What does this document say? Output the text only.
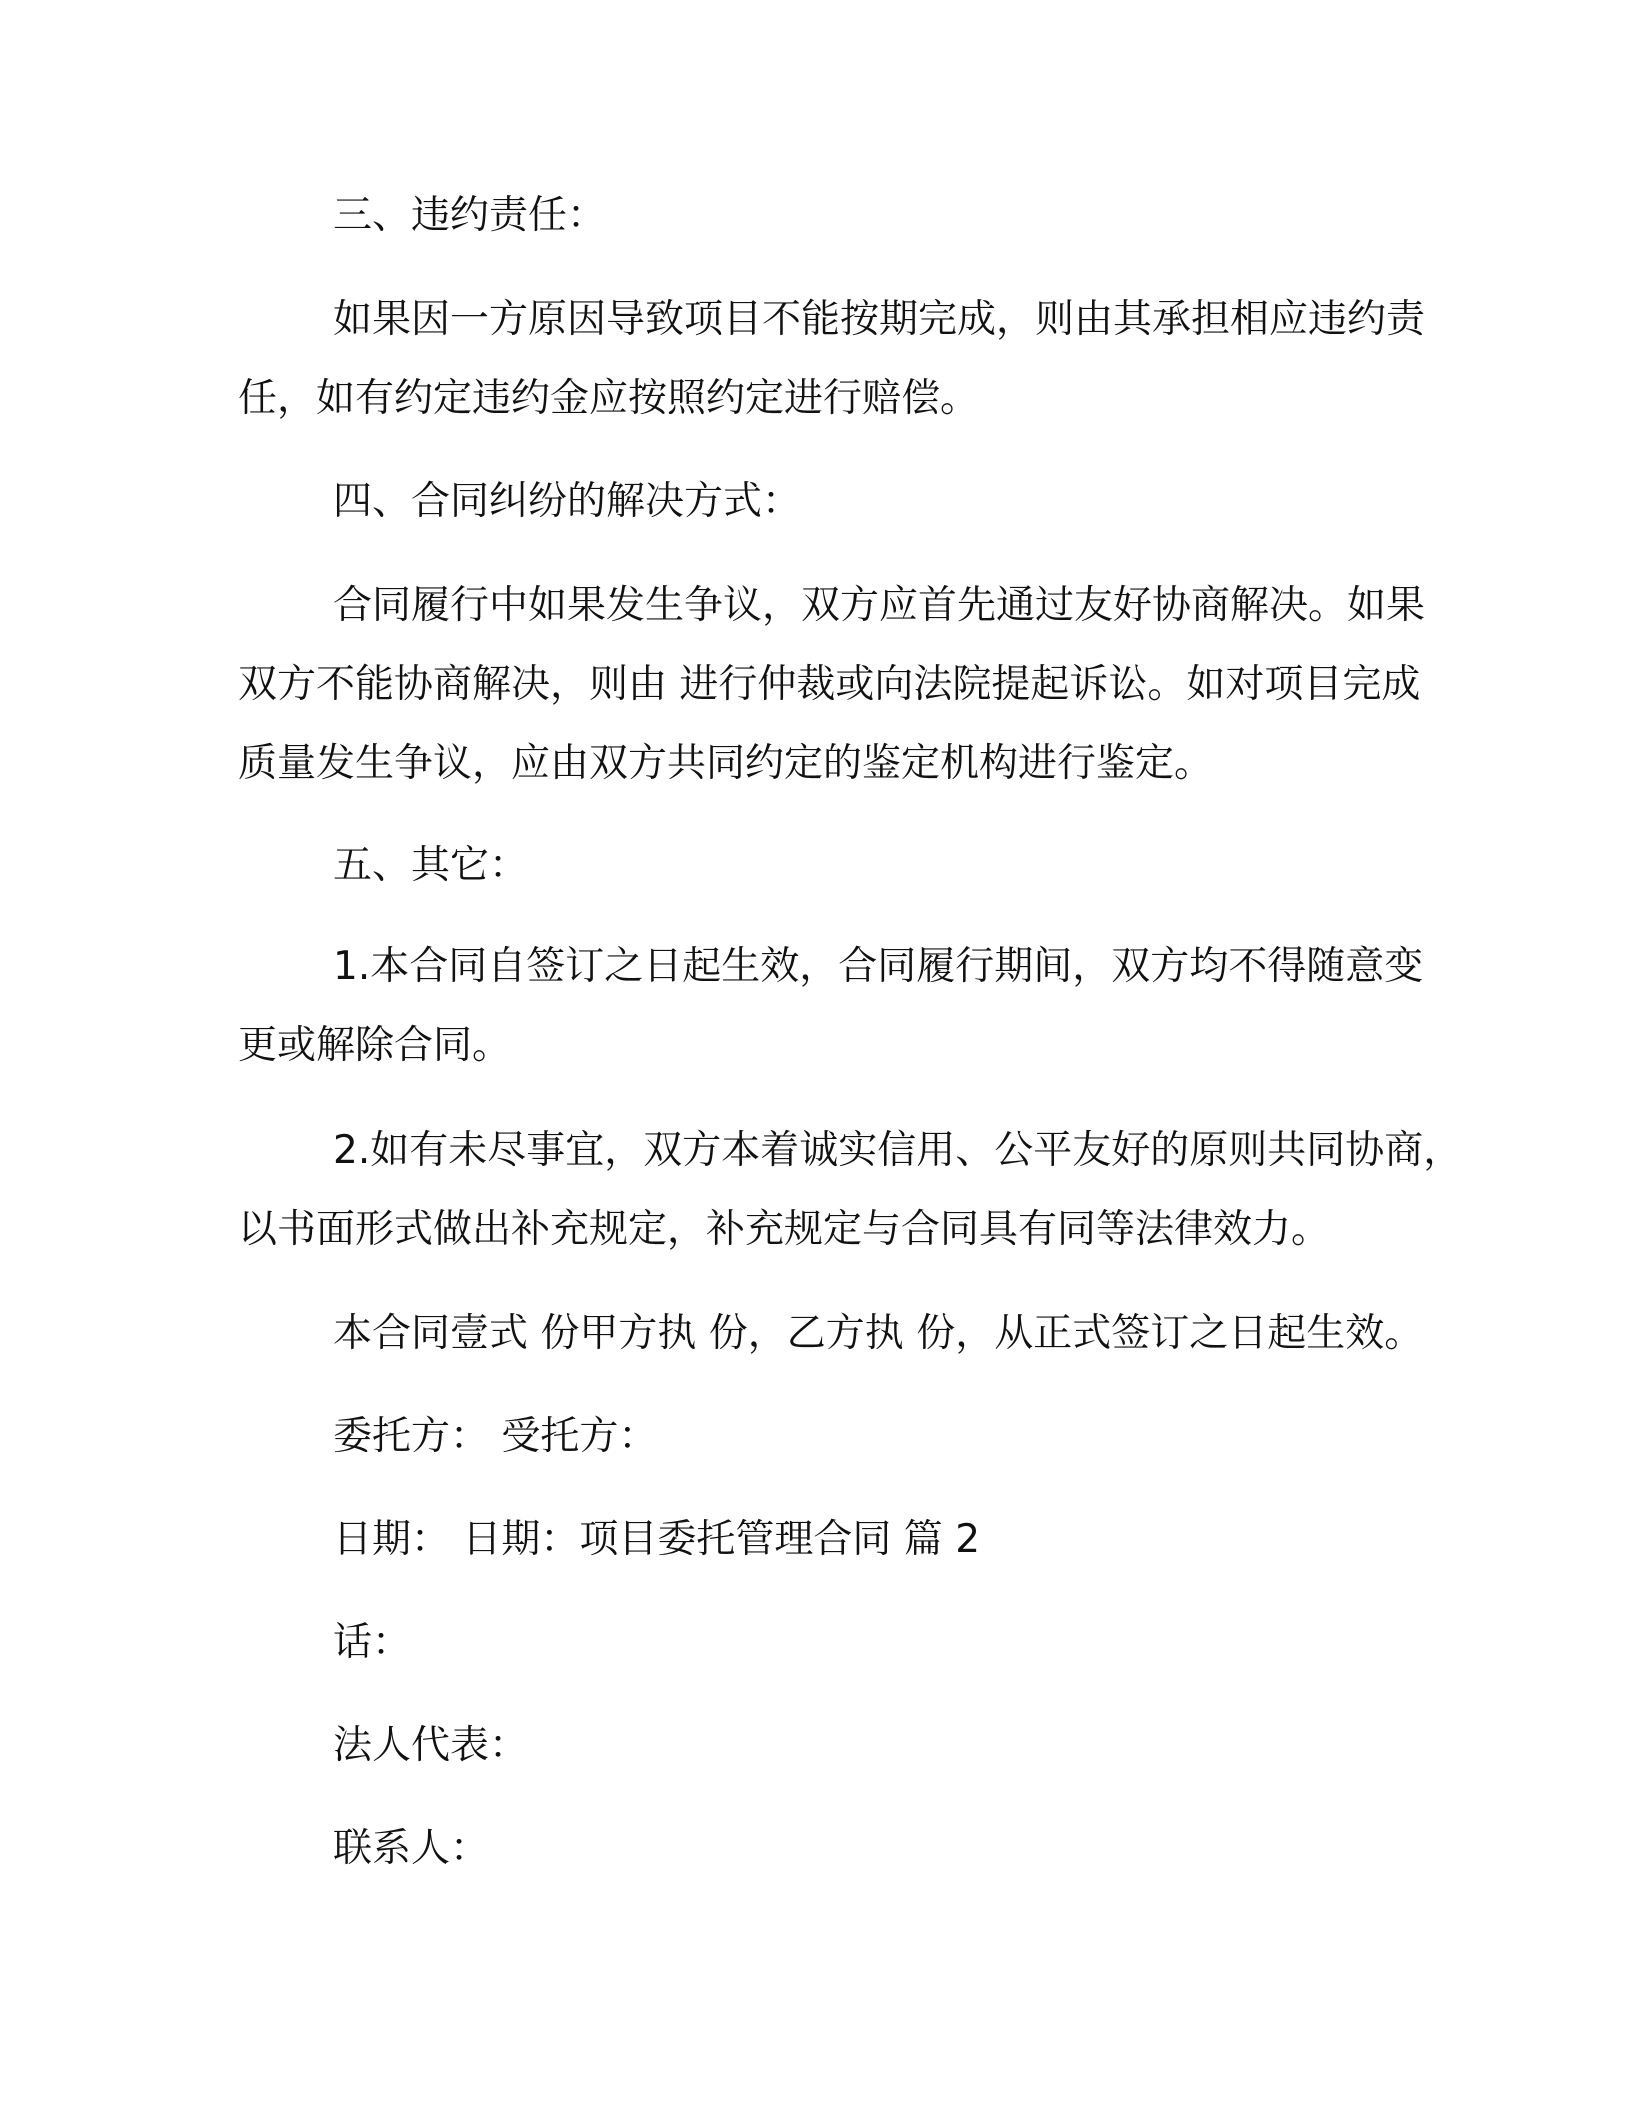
三、违约责任：
如果因一方原因导致项目不能按期完成，则由其承担相应违约责
任，如有约定违约金应按照约定进行赔偿。
四、合同纠纷的解决方式：
合同履行中如果发生争议，双方应首先通过友好协商解决。如果
双方不能协商解决，则由 进行仲裁或向法院提起诉讼。如对项目完成
质量发生争议，应由双方共同约定的鉴定机构进行鉴定。
五、其它：
1.本合同自签订之日起生效，合同履行期间，双方均不得随意变
更或解除合同。
2.如有未尽事宜，双方本着诚实信用、公平友好的原则共同协商，
以书面形式做出补充规定，补充规定与合同具有同等法律效力。
本合同壹式 份甲方执 份，乙方执 份，从正式签订之日起生效。
委托方： 受托方：
日期： 日期：项目委托管理合同 篇 2
话：
法人代表：
联系人：
